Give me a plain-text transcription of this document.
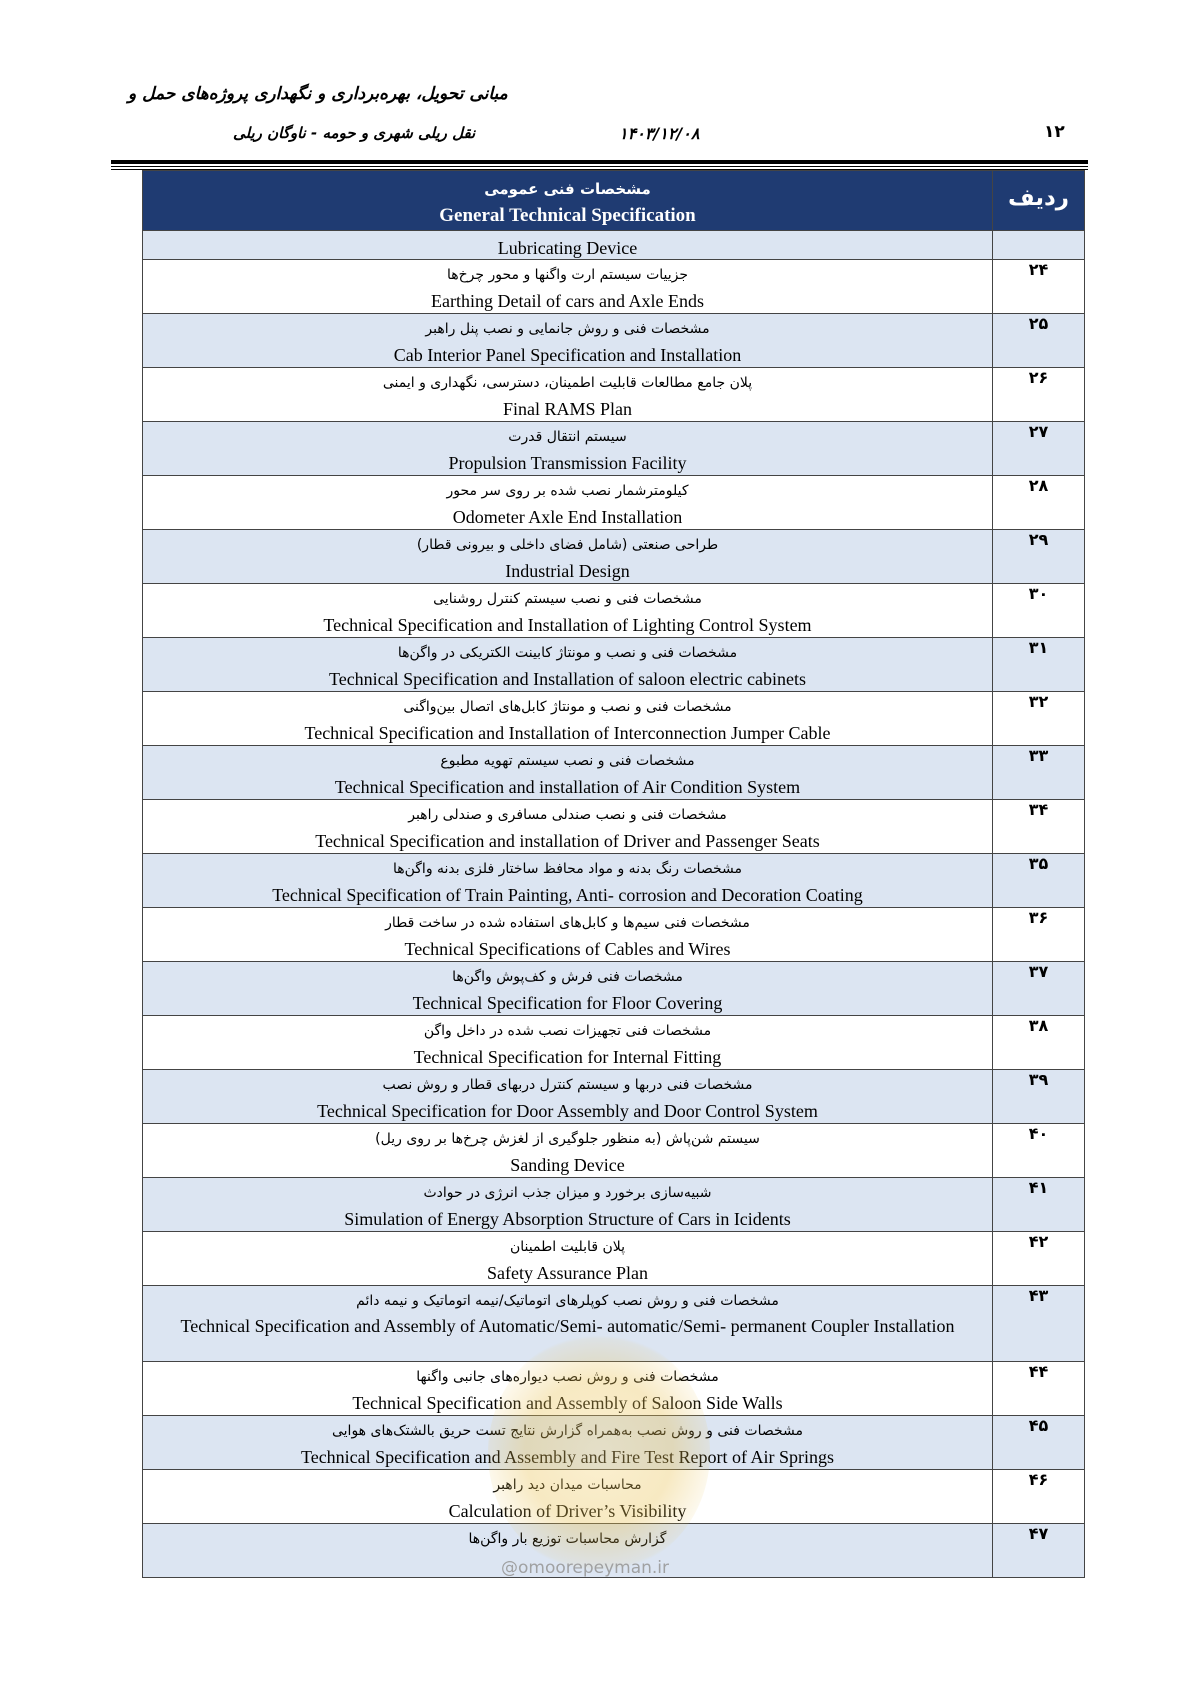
مبانی تحویل، بهره‌برداری و نگهداری پروژه‌های حمل و
نقل ریلی شهری و حومه - ناوگان ریلی	۱۴۰۳/۱۲/۰۸	۱۲
مشخصات فنی عمومی
General Technical Specification	ردیف

Lubricating Device	

جزییات سیستم ارت واگنها و محور چرخ‌ها
Earthing Detail of cars and Axle Ends	۲۴

مشخصات فنی و روش جانمایی و نصب پنل راهبر
Cab Interior Panel Specification and Installation	۲۵

پلان جامع مطالعات قابلیت اطمینان، دسترسی، نگهداری و ایمنی
Final RAMS Plan	۲۶

سیستم انتقال قدرت
Propulsion Transmission Facility	۲۷

کیلومترشمار نصب شده بر روی سر محور
Odometer Axle End Installation	۲۸

طراحی صنعتی (شامل فضای داخلی و بیرونی قطار)
Industrial Design	۲۹

مشخصات فنی و نصب سیستم کنترل روشنایی
Technical Specification and Installation of Lighting Control System	۳۰

مشخصات فنی و نصب و مونتاژ کابینت الکتریکی در واگن‌ها
Technical Specification and Installation of saloon electric cabinets	۳۱

مشخصات فنی و نصب و مونتاژ کابل‌های اتصال بین‌واگنی
Technical Specification and Installation of Interconnection Jumper Cable	۳۲

مشخصات فنی و نصب سیستم تهویه مطبوع
Technical Specification and installation of Air Condition System	۳۳

مشخصات فنی و نصب صندلی مسافری و صندلی راهبر
Technical Specification and installation of Driver and Passenger Seats	۳۴

مشخصات رنگ بدنه و مواد محافظ ساختار فلزی بدنه واگن‌ها
Technical Specification of Train Painting, Anti- corrosion and Decoration Coating	۳۵

مشخصات فنی سیم‌ها و کابل‌های استفاده شده در ساخت قطار
Technical Specifications of Cables and Wires	۳۶

مشخصات فنی فرش و کف‌پوش واگن‌ها
Technical Specification for Floor Covering	۳۷

مشخصات فنی تجهیزات نصب شده در داخل واگن
Technical Specification for Internal Fitting	۳۸

مشخصات فنی دربها و سیستم کنترل دربهای قطار و روش نصب
Technical Specification for Door Assembly and Door Control System	۳۹

سیستم شن‌پاش (به منظور جلوگیری از لغزش چرخ‌ها بر روی ریل)
Sanding Device	۴۰

شبیه‌سازی برخورد و میزان جذب انرژی در حوادث
Simulation of Energy Absorption Structure of Cars in Icidents	۴۱

پلان قابلیت اطمینان
Safety Assurance Plan	۴۲

مشخصات فنی و روش نصب کوپلرهای اتوماتیک/نیمه اتوماتیک و نیمه دائم
Technical Specification and Assembly of Automatic/Semi- automatic/Semi- permanent Coupler Installation	۴۳

مشخصات فنی و روش نصب دیواره‌های جانبی واگنها
Technical Specification and Assembly of Saloon Side Walls	۴۴

مشخصات فنی و روش نصب به‌همراه گزارش نتایج تست حریق بالشتک‌های هوایی
Technical Specification and Assembly and Fire Test Report of Air Springs	۴۵

محاسبات میدان دید راهبر
Calculation of Driver’s Visibility	۴۶

گزارش محاسبات توزیع بار واگن‌ها	۴۷
@omoorepeyman.ir
